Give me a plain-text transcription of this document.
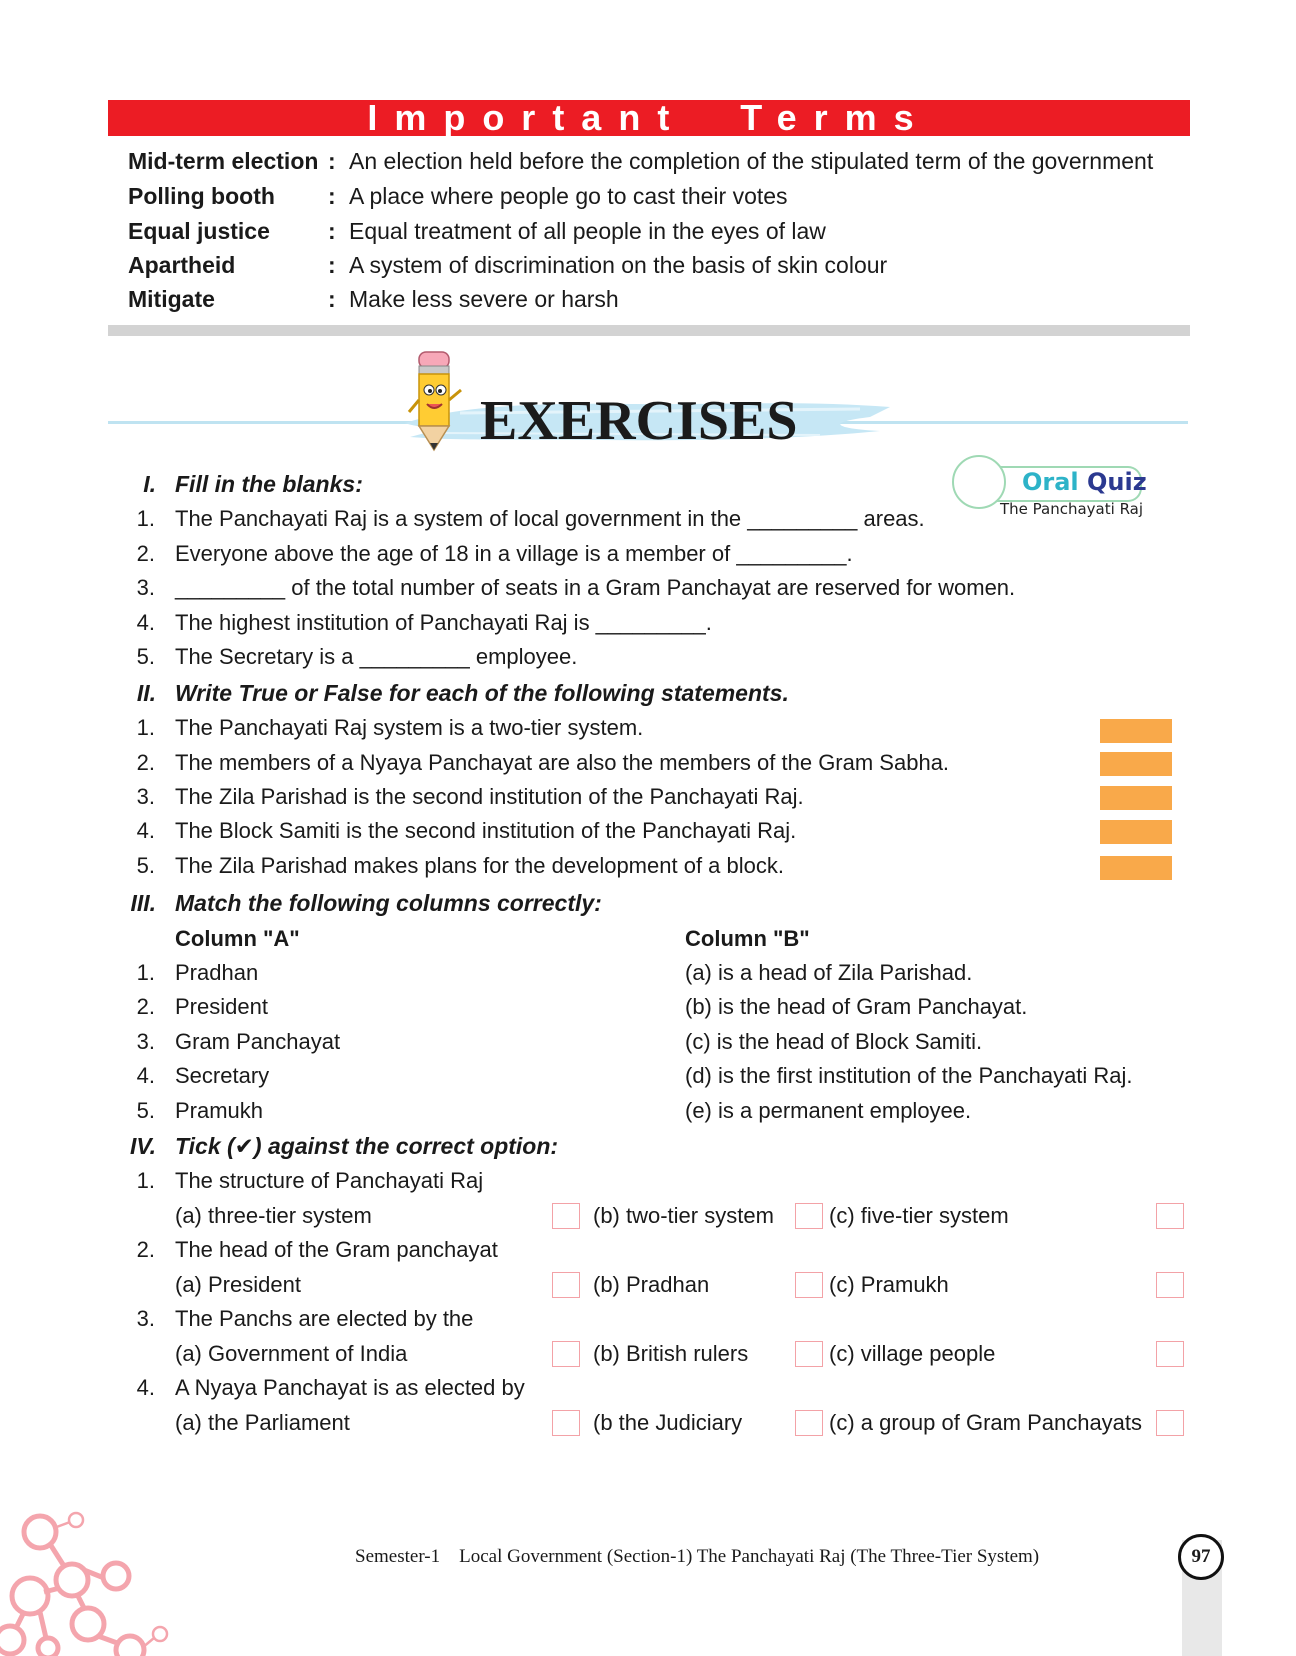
Important  Terms
Mid-term election : An election held before the completion of the stipulated term of the government
Polling booth : A place where people go to cast their votes
Equal justice	: Equal treatment of all people in the eyes of law
Apartheid	: A system of discrimination on the basis of skin colour
Mitigate	: Make less severe or harsh
EXERCISES
Oral Quiz
The Panchayati Raj
I. Fill in the blanks:
1. The Panchayati Raj is a system of local government in the _________ areas.
2. Everyone above the age of 18 in a village is a member of _________.
3. _________ of the total number of seats in a Gram Panchayat are reserved for women.
4. The highest institution of Panchayati Raj is _________.
5. The Secretary is a _________ employee.
II. Write True or False for each of the following statements.
1. The Panchayati Raj system is a two-tier system.
2. The members of a Nyaya Panchayat are also the members of the Gram Sabha.
3. The Zila Parishad is the second institution of the Panchayati Raj.
4. The Block Samiti is the second institution of the Panchayati Raj.
5. The Zila Parishad makes plans for the development of a block.
III. Match the following columns correctly:
Column "A"	Column "B"
1. Pradhan	(a) is a head of Zila Parishad.
2. President	(b) is the head of Gram Panchayat.
3. Gram Panchayat	(c) is the head of Block Samiti.
4. Secretary	(d) is the first institution of the Panchayati Raj.
5. Pramukh	(e) is a permanent employee.
IV. Tick (✔) against the correct option:
1. The structure of Panchayati Raj
(a) three-tier system	(b) two-tier system	(c) five-tier system
2. The head of the Gram panchayat
(a) President	(b) Pradhan	(c) Pramukh
3. The Panchs are elected by the
(a) Government of India	(b) British rulers	(c) village people
4. A Nyaya Panchayat is as elected by
(a) the Parliament	(b the Judiciary	(c) a group of Gram Panchayats
Semester-1 Local Government (Section-1) The Panchayati Raj (The Three-Tier System)	97
